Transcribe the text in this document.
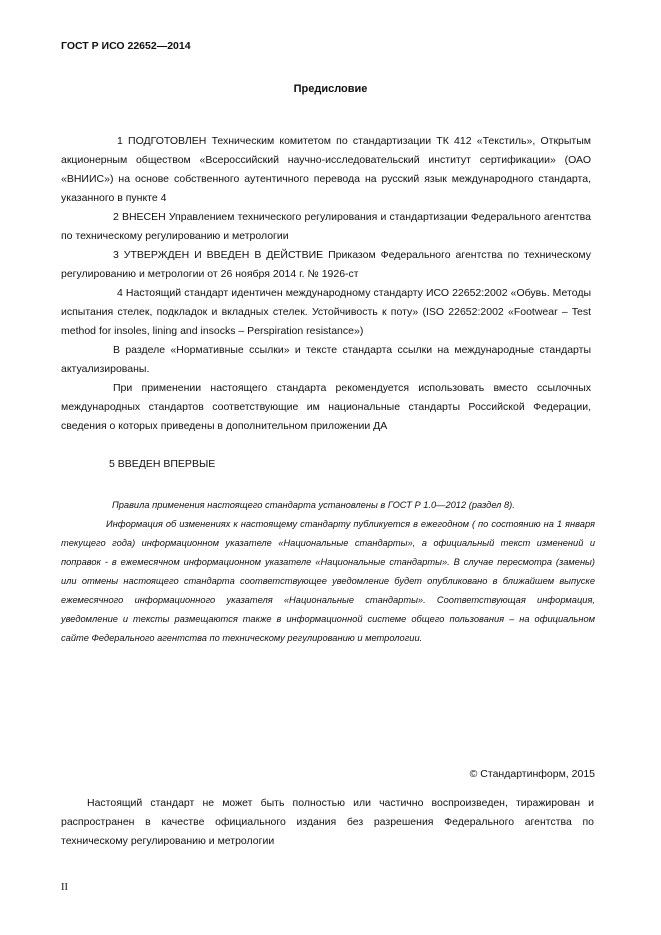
ГОСТ Р ИСО 22652—2014
Предисловие

1 ПОДГОТОВЛЕН Техническим комитетом по стандартизации ТК 412 «Текстиль», Открытым акционерным обществом «Всероссийский научно-исследовательский институт сертификации» (ОАО «ВНИИС») на основе собственного аутентичного перевода на русский язык международного стандарта, указанного в пункте 4

2 ВНЕСЕН Управлением технического регулирования и стандартизации Федерального агентства по техническому регулированию и метрологии

3 УТВЕРЖДЕН И ВВЕДЕН В ДЕЙСТВИЕ Приказом Федерального агентства по техническому регулированию и метрологии от 26 ноября 2014 г. № 1926-ст

4 Настоящий стандарт идентичен международному стандарту ИСО 22652:2002 «Обувь. Методы испытания стелек, подкладок и вкладных стелек. Устойчивость к поту» (ISO 22652:2002 «Footwear – Test method for insoles, lining and insocks – Perspiration resistance»)

В разделе «Нормативные ссылки» и тексте стандарта ссылки на международные стандарты актуализированы.

При применении настоящего стандарта рекомендуется использовать вместо ссылочных международных стандартов соответствующие им национальные стандарты Российской Федерации, сведения о которых приведены в дополнительном приложении ДА

5 ВВЕДЕН ВПЕРВЫЕ

Правила применения настоящего стандарта установлены в ГОСТ Р 1.0—2012 (раздел 8).

Информация об изменениях к настоящему стандарту публикуется в ежегодном ( по состоянию на 1 января текущего года) информационном указателе «Национальные стандарты», а официальный текст изменений и поправок - в ежемесячном информационном указателе «Национальные стандарты». В случае пересмотра (замены) или отмены настоящего стандарта соответствующее уведомление будет опубликовано в ближайшем выпуске ежемесячного информационного указателя «Национальные стандарты». Соответствующая информация, уведомление и тексты размещаются также в информационной системе общего пользования – на официальном сайте Федерального агентства по техническому регулированию и метрологии.

© Стандартинформ, 2015

Настоящий стандарт не может быть полностью или частично воспроизведен, тиражирован и распространен в качестве официального издания без разрешения Федерального агентства по техническому регулированию и метрологии

II
